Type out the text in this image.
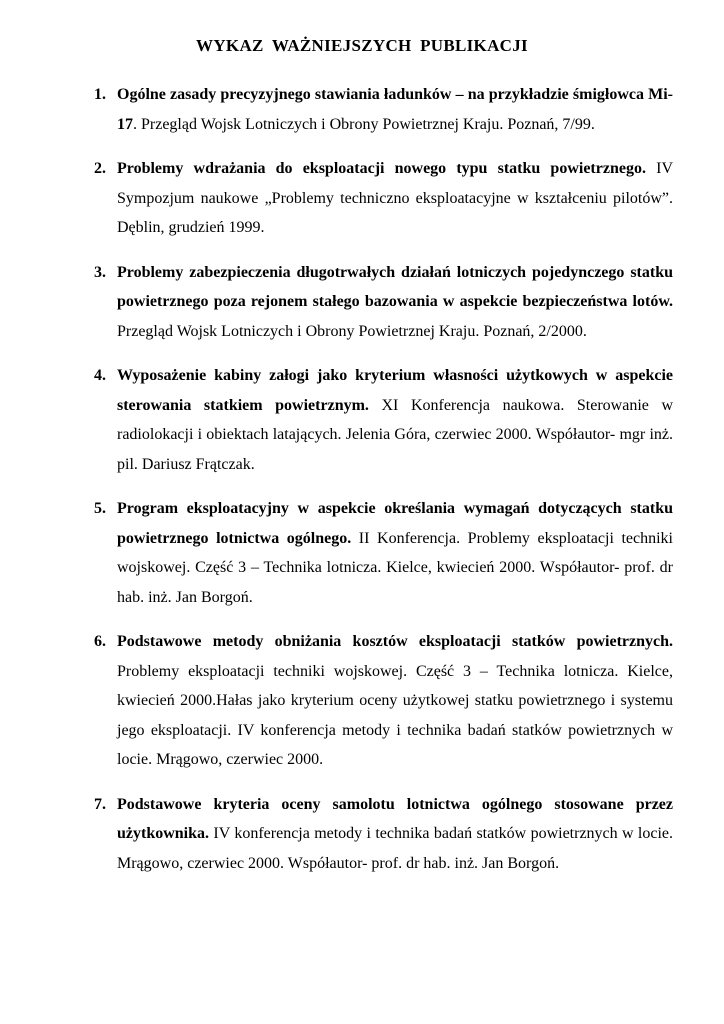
WYKAZ WAŻNIEJSZYCH PUBLIKACJI
1. Ogólne zasady precyzyjnego stawiania ładunków – na przykładzie śmigłowca Mi-17. Przegląd Wojsk Lotniczych i Obrony Powietrznej Kraju. Poznań, 7/99.
2. Problemy wdrażania do eksploatacji nowego typu statku powietrznego. IV Sympozjum naukowe „Problemy techniczno eksploatacyjne w kształceniu pilotów”. Dęblin, grudzień 1999.
3. Problemy zabezpieczenia długotrwałych działań lotniczych pojedynczego statku powietrznego poza rejonem stałego bazowania w aspekcie bezpieczeństwa lotów. Przegląd Wojsk Lotniczych i Obrony Powietrznej Kraju. Poznań, 2/2000.
4. Wyposażenie kabiny załogi jako kryterium własności użytkowych w aspekcie sterowania statkiem powietrznym. XI Konferencja naukowa. Sterowanie w radiolokacji i obiektach latających. Jelenia Góra, czerwiec 2000. Współautor- mgr inż. pil. Dariusz Frątczak.
5. Program eksploatacyjny w aspekcie określania wymagań dotyczących statku powietrznego lotnictwa ogólnego. II Konferencja. Problemy eksploatacji techniki wojskowej. Część 3 – Technika lotnicza. Kielce, kwiecień 2000. Współautor- prof. dr hab. inż. Jan Borgoń.
6. Podstawowe metody obniżania kosztów eksploatacji statków powietrznych. Problemy eksploatacji techniki wojskowej. Część 3 – Technika lotnicza. Kielce, kwiecień 2000.Hałas jako kryterium oceny użytkowej statku powietrznego i systemu jego eksploatacji. IV konferencja metody i technika badań statków powietrznych w locie. Mrągowo, czerwiec 2000.
7. Podstawowe kryteria oceny samolotu lotnictwa ogólnego stosowane przez użytkownika. IV konferencja metody i technika badań statków powietrznych w locie. Mrągowo, czerwiec 2000. Współautor- prof. dr hab. inż. Jan Borgoń.
